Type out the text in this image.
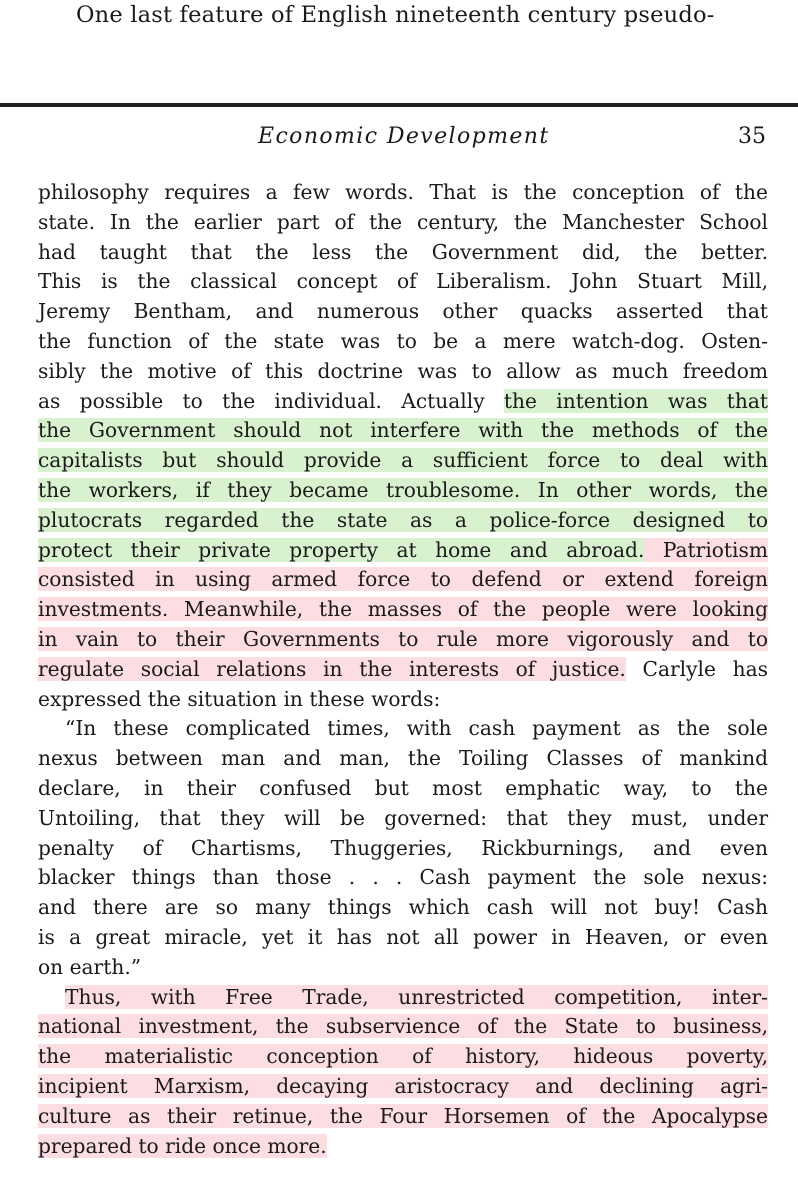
One last feature of English nineteenth century pseudo-
Economic Development	35
philosophy requires a few words. That is the conception of the
state. In the earlier part of the century, the Manchester School
had taught that the less the Government did, the better.
This is the classical concept of Liberalism. John Stuart Mill,
Jeremy Bentham, and numerous other quacks asserted that
the function of the state was to be a mere watch-dog. Osten-
sibly the motive of this doctrine was to allow as much freedom
as possible to the individual. Actually the intention was that
the Government should not interfere with the methods of the
capitalists but should provide a sufficient force to deal with
the workers, if they became troublesome. In other words, the
plutocrats regarded the state as a police-force designed to
protect their private property at home and abroad. Patriotism
consisted in using armed force to defend or extend foreign
investments. Meanwhile, the masses of the people were looking
in vain to their Governments to rule more vigorously and to
regulate social relations in the interests of justice. Carlyle has
expressed the situation in these words:
“In these complicated times, with cash payment as the sole
nexus between man and man, the Toiling Classes of mankind
declare, in their confused but most emphatic way, to the
Untoiling, that they will be governed: that they must, under
penalty of Chartisms, Thuggeries, Rickburnings, and even
blacker things than those . . . Cash payment the sole nexus:
and there are so many things which cash will not buy! Cash
is a great miracle, yet it has not all power in Heaven, or even
on earth.”
Thus, with Free Trade, unrestricted competition, inter-
national investment, the subservience of the State to business,
the materialistic conception of history, hideous poverty,
incipient Marxism, decaying aristocracy and declining agri-
culture as their retinue, the Four Horsemen of the Apocalypse
prepared to ride once more.
